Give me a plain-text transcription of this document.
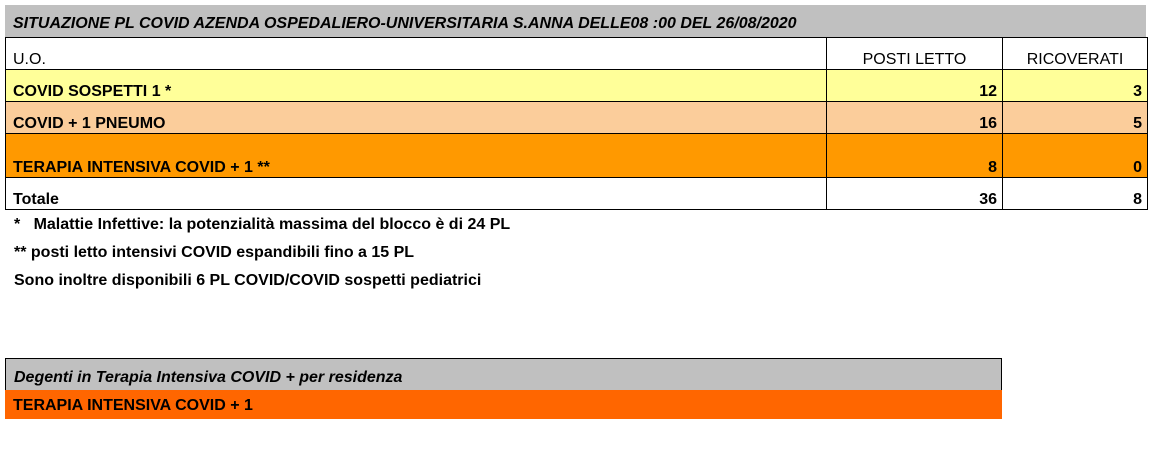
SITUAZIONE PL COVID AZENDA OSPEDALIERO-UNIVERSITARIA S.ANNA DELLE08 :00 DEL 26/08/2020
U.O.	POSTI LETTO	RICOVERATI
COVID SOSPETTI 1 *	12	3
COVID + 1 PNEUMO	16	5
TERAPIA INTENSIVA COVID + 1 **	8	0
Totale	36	8
*   Malattie Infettive: la potenzialità massima del blocco è di 24 PL
** posti letto intensivi COVID espandibili fino a 15 PL
Sono inoltre disponibili 6 PL COVID/COVID sospetti pediatrici
Degenti in Terapia Intensiva COVID + per residenza
TERAPIA INTENSIVA COVID + 1
